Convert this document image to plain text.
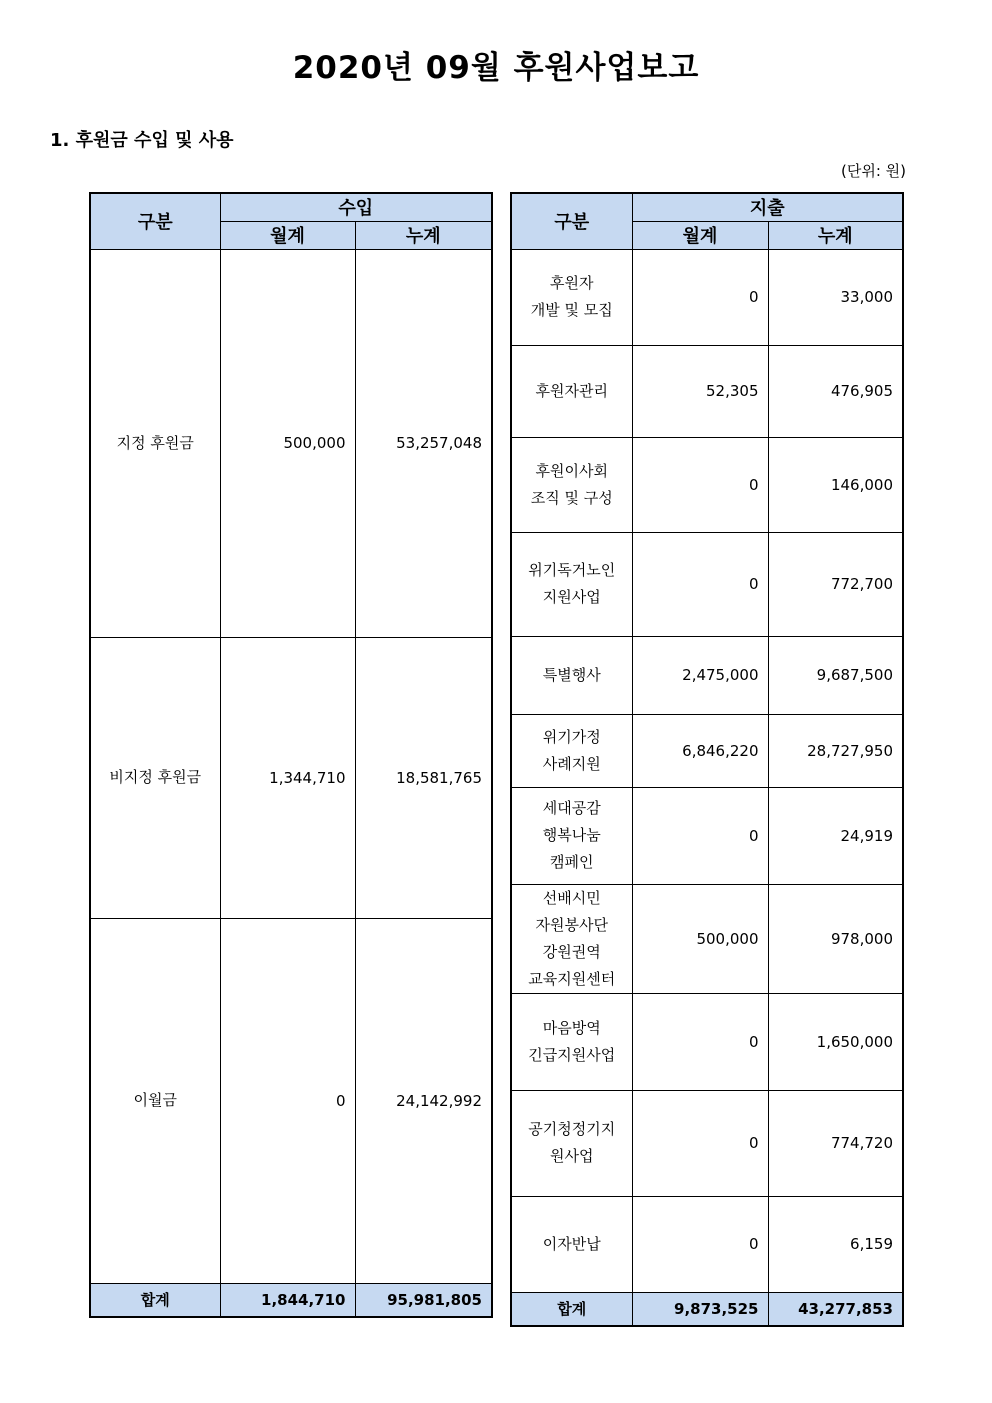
2020년 09월 후원사업보고
1. 후원금 수입 및 사용
(단위: 원)
구분	수입	
	월계	누계
지정 후원금	500,000	53,257,048
비지정 후원금	1,344,710	18,581,765
이월금	0	24,142,992
합계	1,844,710	95,981,805
구분	지출	
	월계	누계

후원자
개발 및 모집	0	33,000

후원자관리	52,305	476,905

후원이사회
조직 및 구성	0	146,000

위기독거노인
지원사업	0	772,700

특별행사	2,475,000	9,687,500

위기가정
사례지원	6,846,220	28,727,950

세대공감
행복나눔
캠페인	0	24,919

선배시민
자원봉사단
강원권역
교육지원센터	500,000	978,000

마음방역
긴급지원사업	0	1,650,000

공기청정기지
원사업	0	774,720

이자반납	0	6,159
합계	9,873,525	43,277,853
